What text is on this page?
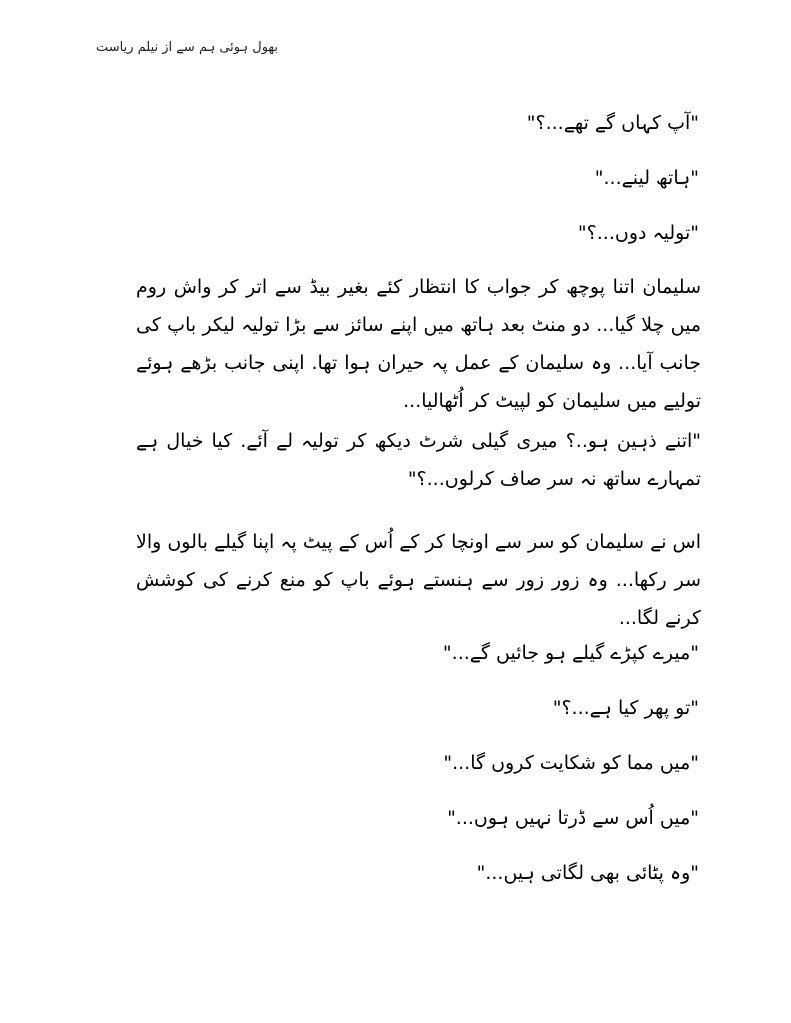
بھول ہوئی ہم سے از نیلم ریاست
"آپ کہاں گے تھے...؟"
"ہاتھ لینے..."
"تولیہ دوں...؟"
سلیمان اتنا پوچھ کر جواب کا انتظار کئے بغیر بیڈ سے اتر کر واش روم میں چلا گیا... دو منٹ بعد ہاتھ میں اپنے سائز سے بڑا تولیہ لیکر باپ کی جانب آیا... وہ سلیمان کے عمل پہ حیران ہوا تھا. اپنی جانب بڑھے ہوئے تولیے میں سلیمان کو لپیٹ کر اُٹھالیا...
"اتنے ذہین ہو..؟ میری گیلی شرٹ دیکھ کر تولیہ لے آئے. کیا خیال ہے تمہارے ساتھ نہ سر صاف کرلوں...؟"
اس نے سلیمان کو سر سے اونچا کر کے اُس کے پیٹ پہ اپنا گیلے بالوں والا سر رکھا... وہ زور زور سے ہنستے ہوئے باپ کو منع کرنے کی کوشش کرنے لگا...
"میرے کپڑے گیلے ہو جائیں گے..."
"تو پھر کیا ہے...؟"
"میں مما کو شکایت کروں گا..."
"میں اُس سے ڈرتا نہیں ہوں..."
"وہ پٹائی بھی لگاتی ہیں..."
